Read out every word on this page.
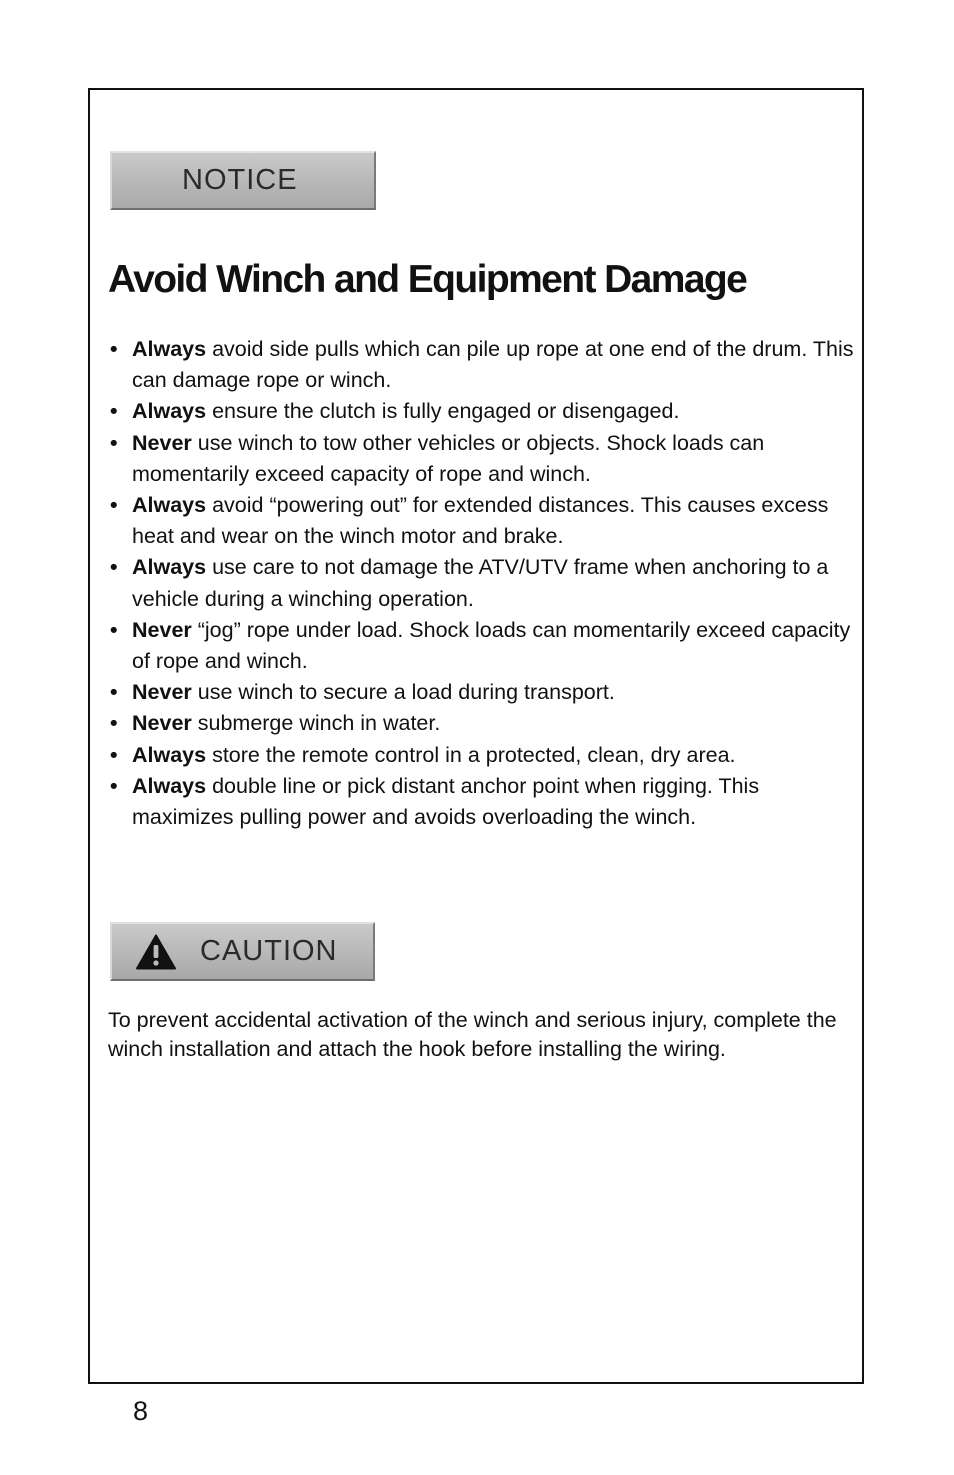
NOTICE
Avoid Winch and Equipment Damage
• Always avoid side pulls which can pile up rope at one end of the drum. This can damage rope or winch.
• Always ensure the clutch is fully engaged or disengaged.
• Never use winch to tow other vehicles or objects. Shock loads can momentarily exceed capacity of rope and winch.
• Always avoid “powering out” for extended distances. This causes excess heat and wear on the winch motor and brake.
• Always use care to not damage the ATV/UTV frame when anchoring to a vehicle during a winching operation.
• Never “jog” rope under load. Shock loads can momentarily exceed capacity of rope and winch.
• Never use winch to secure a load during transport.
• Never submerge winch in water.
• Always store the remote control in a protected, clean, dry area.
• Always double line or pick distant anchor point when rigging. This maximizes pulling power and avoids overloading the winch.
CAUTION

To prevent accidental activation of the winch and serious injury, complete the winch installation and attach the hook before installing the wiring.

8
